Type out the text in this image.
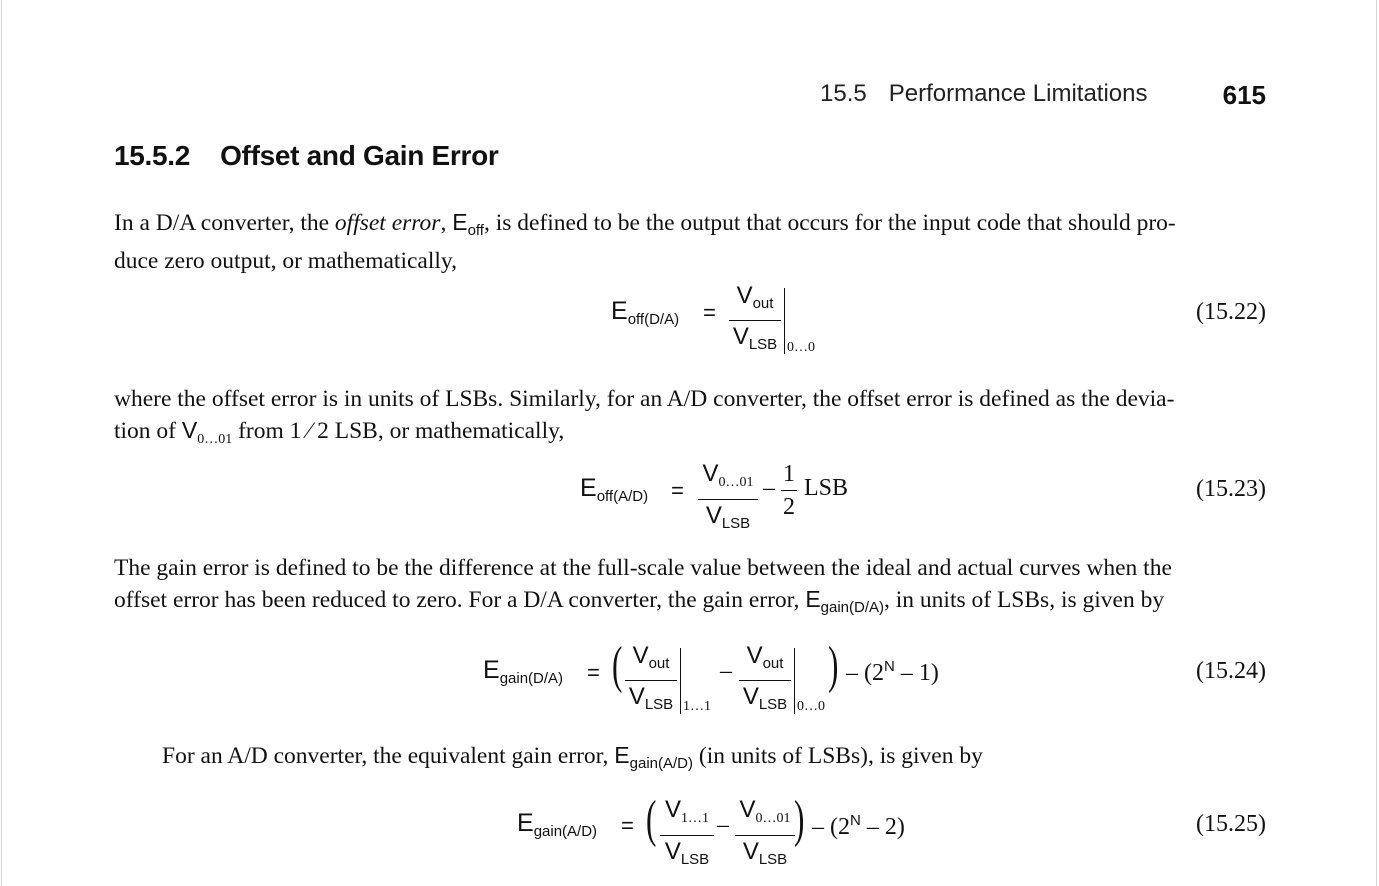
15.5 Performance Limitations	615
15.5.2 Offset and Gain Error
In a D/A converter, the offset error, $E_{off}$, is defined to be the output that occurs for the input code that should pro-
duce zero output, or mathematically,
Eoff(D/A) =
$V_{out}$
$V_{LSB}$ 0…0
(15.22)
where the offset error is in units of LSBs. Similarly, for an A/D converter, the offset error is defined as the devia-
tion of $V_{0\dots 01}$ from 1 ⁄ 2 LSB, or mathematically,
Eoff(A/D) =
$V_{0\dots 01}$
$V_{LSB}$
–
1
2
LSB	(15.23)
The gain error is defined to be the difference at the full-scale value between the ideal and actual curves when the
offset error has been reduced to zero. For a D/A converter, the gain error, $E_{gain(D/A)}$, in units of LSBs, is given by
Egain(D/A) = ( $V_{out}$
$V_{LSB}$ 1…1
–
$V_{out}$
$V_{LSB}$ 0…0
) – $(2^N - 1)$	(15.24)
For an A/D converter, the equivalent gain error, $E_{gain(A/D)}$ (in units of LSBs), is given by
Egain(A/D) = ( $V_{1\dots 1}$
$V_{LSB}$
–
$V_{0\dots 01}$
$V_{LSB}$
) – $(2^N - 2)$	(15.25)
